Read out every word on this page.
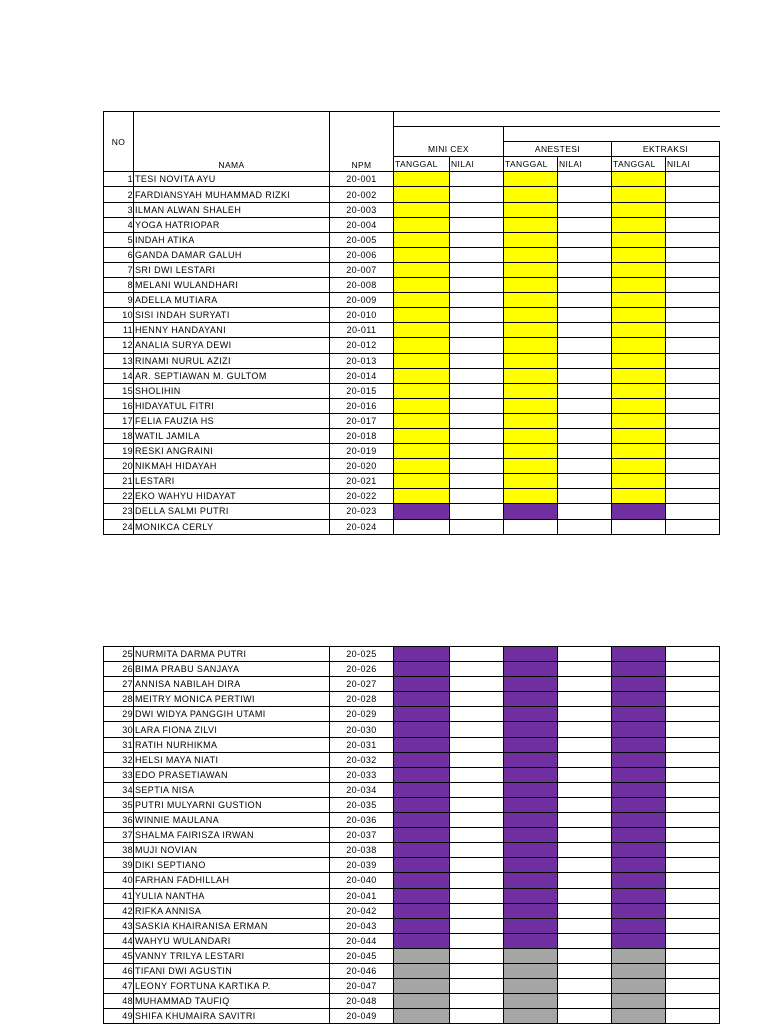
NO	NAMA	NPM						

			MINI CEX		ANESTESI		EKTRAKSI	
			TANGGAL	NILAI	TANGGAL	NILAI	TANGGAL	NILAI
1	TESI NOVITA AYU	20-001						
2	FARDIANSYAH MUHAMMAD RIZKI	20-002						
3	ILMAN ALWAN SHALEH	20-003						
4	YOGA HATRIOPAR	20-004						
5	INDAH ATIKA	20-005						
6	GANDA DAMAR GALUH	20-006						
7	SRI DWI LESTARI	20-007						
8	MELANI WULANDHARI	20-008						
9	ADELLA MUTIARA	20-009						
10	SISI INDAH SURYATI	20-010						
11	HENNY HANDAYANI	20-011						
12	ANALIA SURYA DEWI	20-012						
13	RINAMI NURUL AZIZI	20-013						
14	AR. SEPTIAWAN M. GULTOM	20-014						
15	SHOLIHIN	20-015						
16	HIDAYATUL FITRI	20-016						
17	FELIA FAUZIA HS	20-017						
18	WATIL JAMILA	20-018						
19	RESKI ANGRAINI	20-019						
20	NIKMAH HIDAYAH	20-020						
21	LESTARI	20-021						
22	EKO WAHYU HIDAYAT	20-022						
23	DELLA SALMI PUTRI	20-023						
24	MONIKCA CERLY	20-024						
25	NURMITA DARMA PUTRI	20-025						
26	BIMA PRABU SANJAYA	20-026						
27	ANNISA NABILAH DIRA	20-027						
28	MEITRY MONICA PERTIWI	20-028						
29	DWI WIDYA PANGGIH UTAMI	20-029						
30	LARA FIONA ZILVI	20-030						
31	RATIH NURHIKMA	20-031						
32	HELSI MAYA NIATI	20-032						
33	EDO PRASETIAWAN	20-033						
34	SEPTIA NISA	20-034						
35	PUTRI MULYARNI GUSTION	20-035						
36	WINNIE MAULANA	20-036						
37	SHALMA FAIRISZA IRWAN	20-037						
38	MUJI NOVIAN	20-038						
39	DIKI SEPTIANO	20-039						
40	FARHAN FADHILLAH	20-040						
41	YULIA NANTHA	20-041						
42	RIFKA ANNISA	20-042						
43	SASKIA KHAIRANISA ERMAN	20-043						
44	WAHYU WULANDARI	20-044						
45	VANNY TRILYA LESTARI	20-045						
46	TIFANI DWI AGUSTIN	20-046						
47	LEONY FORTUNA KARTIKA P.	20-047						
48	MUHAMMAD TAUFIQ	20-048						
49	SHIFA KHUMAIRA SAVITRI	20-049						
